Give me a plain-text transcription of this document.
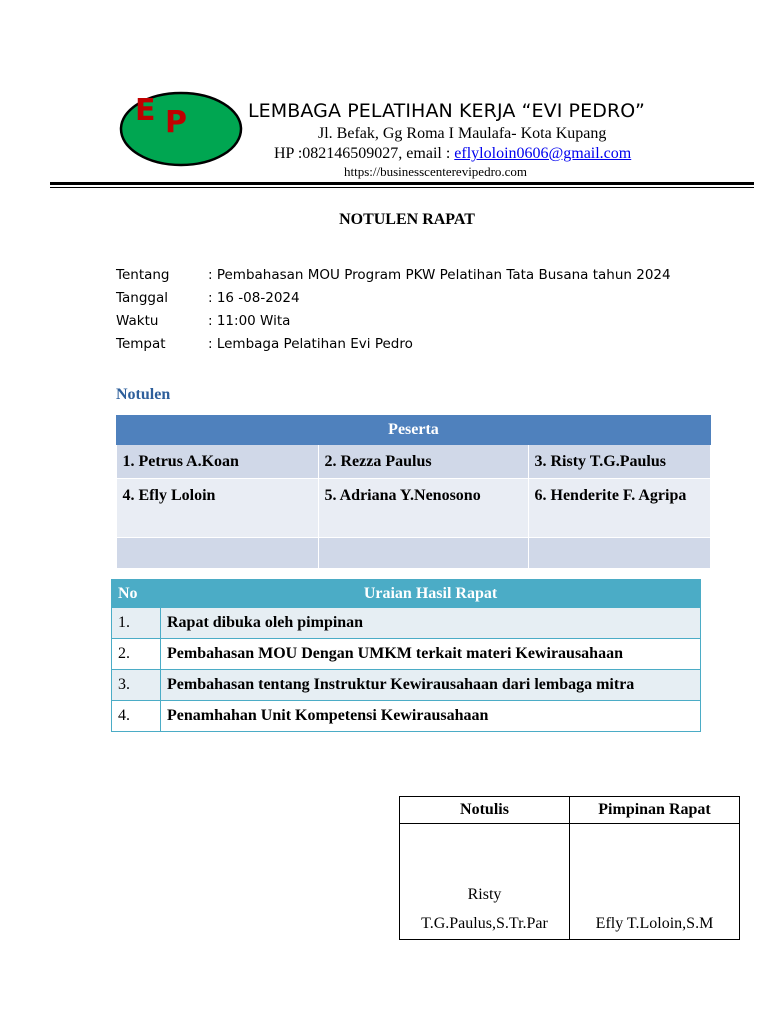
E P	LEMBAGA PELATIHAN KERJA “EVI PEDRO”
Jl. Befak, Gg Roma I Maulafa- Kota Kupang
HP :082146509027, email : eflyloloin0606@gmail.com
https://businesscenterevipedro.com
NOTULEN RAPAT
Tentang	: Pembahasan MOU Program PKW Pelatihan Tata Busana tahun 2024
Tanggal	: 16 -08-2024
Waktu	: 11:00 Wita
Tempat	: Lembaga Pelatihan Evi Pedro
Notulen
Peserta		
1. Petrus A.Koan	2. Rezza Paulus	3. Risty T.G.Paulus
4. Efly Loloin	5. Adriana Y.Nenosono	6. Henderite F. Agripa

No	Uraian Hasil Rapat
1.	Rapat dibuka oleh pimpinan
2.	Pembahasan MOU Dengan UMKM terkait materi Kewirausahaan
3.	Pembahasan tentang Instruktur Kewirausahaan dari lembaga mitra
4.	Penamhahan Unit Kompetensi Kewirausahaan
Notulis	Pimpinan Rapat
Risty T.G.Paulus,S.Tr.Par	Efly T.Loloin,S.M
